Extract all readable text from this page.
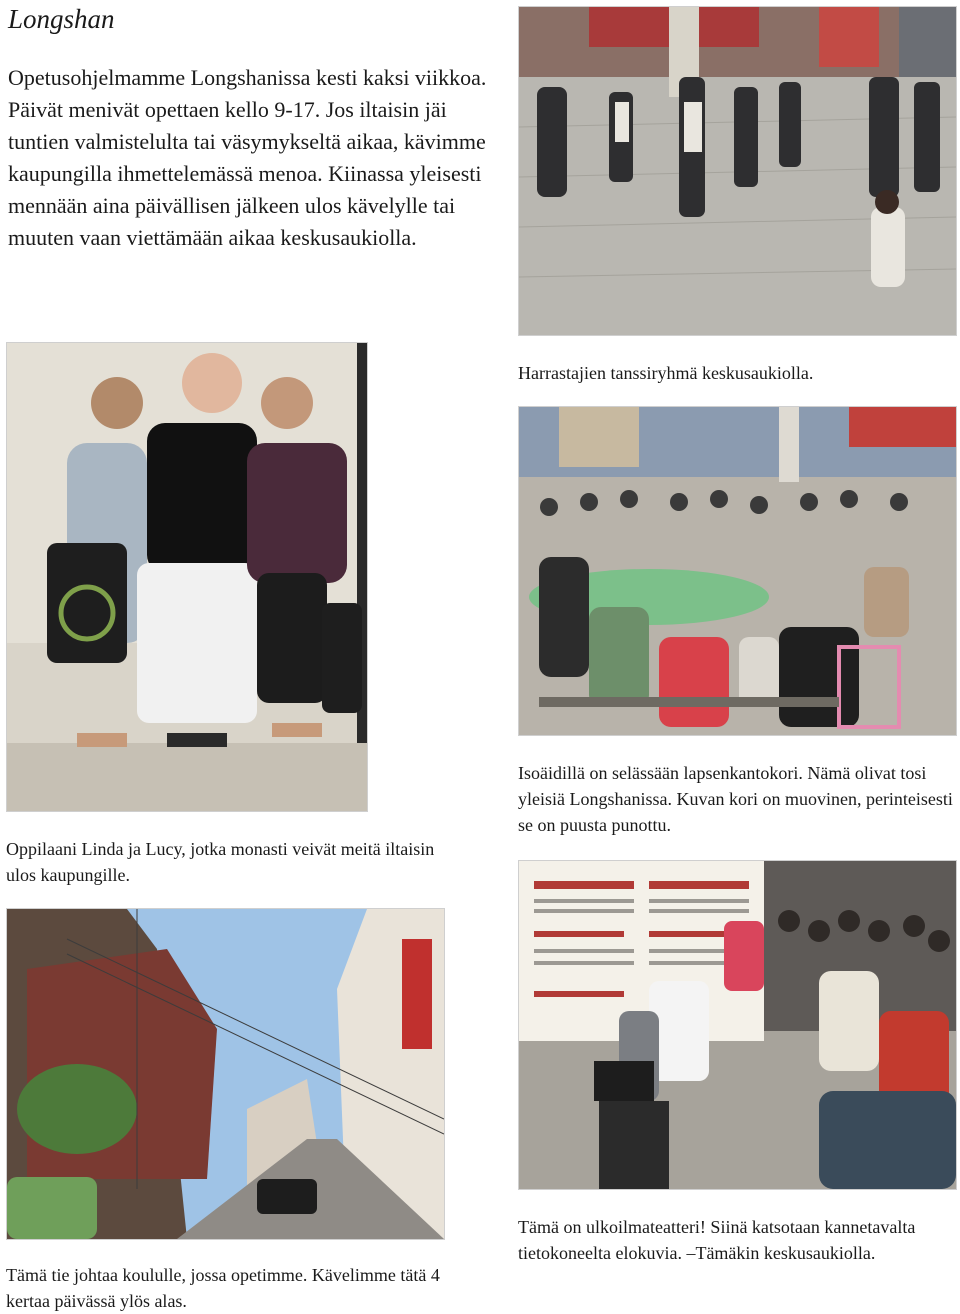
Longshan
Opetusohjelmamme Longshanissa kesti kaksi viikkoa. Päivät menivät opettaen kello 9-17. Jos iltaisin jäi tuntien valmistelulta tai väsymykseltä aikaa, kävimme kaupungilla ihmettelemässä menoa. Kiinassa yleisesti mennään aina päivällisen jälkeen ulos kävelylle tai muuten vaan viettämään aikaa keskusaukiolla.
Harrastajien tanssiryhmä keskusaukiolla.
Isoäidillä on selässään lapsenkantokori. Nämä olivat tosi yleisiä Longshanissa. Kuvan kori on muovinen, perinteisesti se on puusta punottu.
Oppilaani Linda ja Lucy, jotka monasti veivät meitä iltaisin ulos kaupungille.
Tämä on ulkoilmateatteri! Siinä katsotaan kannetavalta tietokoneelta elokuvia. –Tämäkin keskusaukiolla.
Tämä tie johtaa koululle, jossa opetimme. Kävelimme tätä 4 kertaa päivässä ylös alas.
